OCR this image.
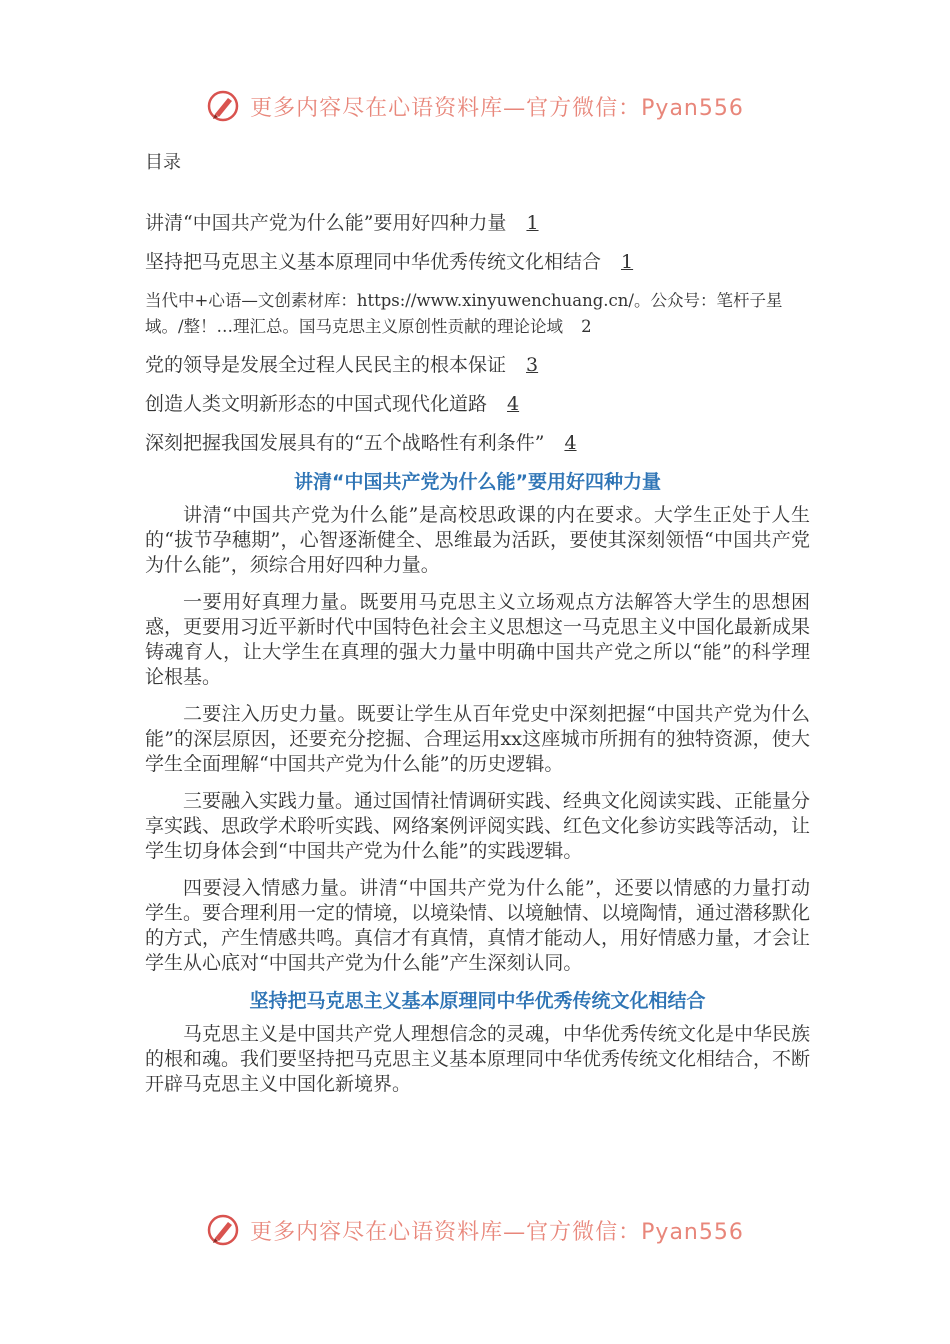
更多内容尽在心语资料库—官方微信：Pyan556
目录
讲清“中国共产党为什么能”要用好四种力量 1
坚持把马克思主义基本原理同中华优秀传统文化相结合 1
当代中+心语—文创素材库：https://www.xinyuwenchuang.cn/。公众号：笔杆子星域。/整！…理汇总。国马克思主义原创性贡献的理论论域 2
党的领导是发展全过程人民民主的根本保证 3
创造人类文明新形态的中国式现代化道路 4
深刻把握我国发展具有的“五个战略性有利条件” 4
讲清“中国共产党为什么能”要用好四种力量

讲清“中国共产党为什么能”是高校思政课的内在要求。大学生正处于人生的“拔节孕穗期”，心智逐渐健全、思维最为活跃，要使其深刻领悟“中国共产党为什么能”，须综合用好四种力量。

一要用好真理力量。既要用马克思主义立场观点方法解答大学生的思想困惑，更要用习近平新时代中国特色社会主义思想这一马克思主义中国化最新成果铸魂育人，让大学生在真理的强大力量中明确中国共产党之所以“能”的科学理论根基。

二要注入历史力量。既要让学生从百年党史中深刻把握“中国共产党为什么能”的深层原因，还要充分挖掘、合理运用xx这座城市所拥有的独特资源，使大学生全面理解“中国共产党为什么能”的历史逻辑。

三要融入实践力量。通过国情社情调研实践、经典文化阅读实践、正能量分享实践、思政学术聆听实践、网络案例评阅实践、红色文化参访实践等活动，让学生切身体会到“中国共产党为什么能”的实践逻辑。

四要浸入情感力量。讲清“中国共产党为什么能”，还要以情感的力量打动学生。要合理利用一定的情境，以境染情、以境触情、以境陶情，通过潜移默化的方式，产生情感共鸣。真信才有真情，真情才能动人，用好情感力量，才会让学生从心底对“中国共产党为什么能”产生深刻认同。

坚持把马克思主义基本原理同中华优秀传统文化相结合

马克思主义是中国共产党人理想信念的灵魂，中华优秀传统文化是中华民族的根和魂。我们要坚持把马克思主义基本原理同中华优秀传统文化相结合，不断开辟马克思主义中国化新境界。

更多内容尽在心语资料库—官方微信：Pyan556
